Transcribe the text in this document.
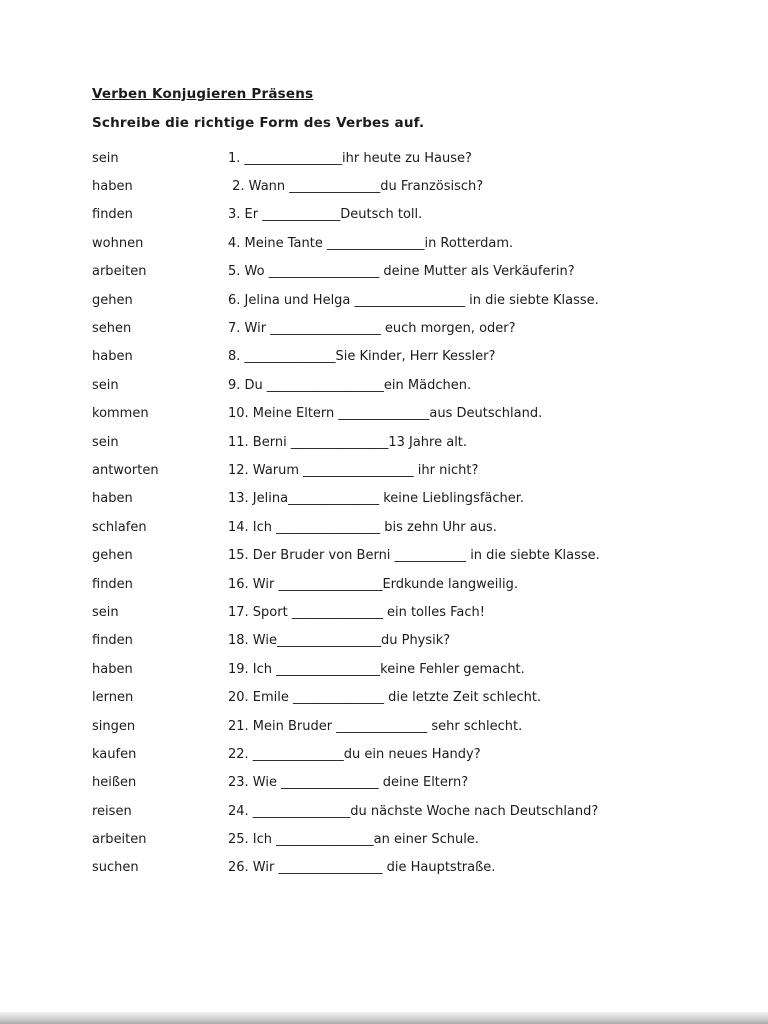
Verben Konjugieren Präsens
Schreibe die richtige Form des Verbes auf.
sein	1. _______________ihr heute zu Hause?
haben	2. Wann ______________du Französisch?
finden	3. Er ____________Deutsch toll.
wohnen	4. Meine Tante _______________in Rotterdam.
arbeiten	5. Wo _________________ deine Mutter als Verkäuferin?
gehen	6. Jelina und Helga _________________ in die siebte Klasse.
sehen	7. Wir _________________ euch morgen, oder?
haben	8. ______________Sie Kinder, Herr Kessler?
sein	9. Du __________________ein Mädchen.
kommen	10. Meine Eltern ______________aus Deutschland.
sein	11. Berni _______________13 Jahre alt.
antworten	12. Warum _________________ ihr nicht?
haben	13. Jelina______________ keine Lieblingsfächer.
schlafen	14. Ich ________________ bis zehn Uhr aus.
gehen	15. Der Bruder von Berni ___________ in die siebte Klasse.
finden	16. Wir ________________Erdkunde langweilig.
sein	17. Sport ______________ ein tolles Fach!
finden	18. Wie________________du Physik?
haben	19. Ich ________________keine Fehler gemacht.
lernen	20. Emile ______________ die letzte Zeit schlecht.
singen	21. Mein Bruder ______________ sehr schlecht.
kaufen	22. ______________du ein neues Handy?
heißen	23. Wie _______________ deine Eltern?
reisen	24. _______________du nächste Woche nach Deutschland?
arbeiten	25. Ich _______________an einer Schule.
suchen	26. Wir ________________ die Hauptstraße.
